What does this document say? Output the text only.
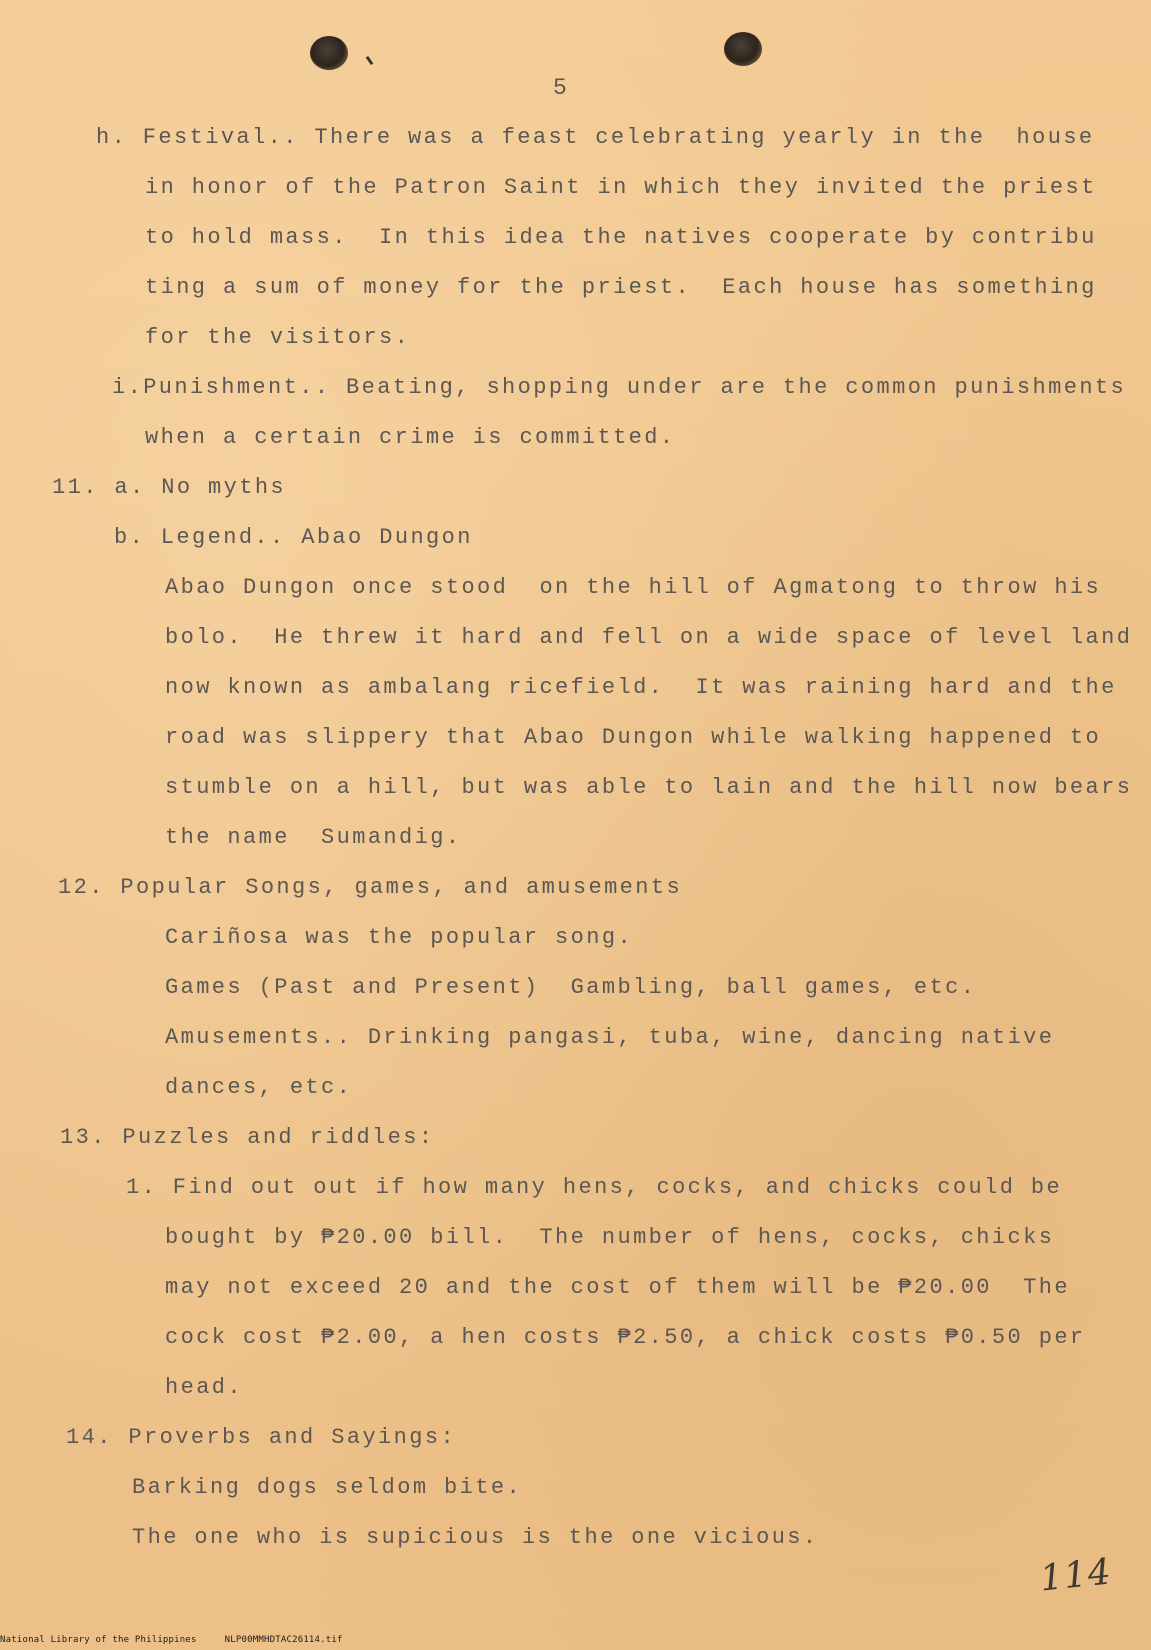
5
h. Festival.. There was a feast celebrating yearly in the  house
in honor of the Patron Saint in which they invited the priest
to hold mass.  In this idea the natives cooperate by contribu
ting a sum of money for the priest.  Each house has something
for the visitors.
i.Punishment.. Beating, shopping under are the common punishments
when a certain crime is committed.
11. a. No myths
b. Legend.. Abao Dungon
Abao Dungon once stood  on the hill of Agmatong to throw his
bolo.  He threw it hard and fell on a wide space of level land
now known as ambalang ricefield.  It was raining hard and the
road was slippery that Abao Dungon while walking happened to
stumble on a hill, but was able to lain and the hill now bears
the name  Sumandig.
12. Popular Songs, games, and amusements
Cariñosa was the popular song.
Games (Past and Present)  Gambling, ball games, etc.
Amusements.. Drinking pangasi, tuba, wine, dancing native
dances, etc.
13. Puzzles and riddles:
1. Find out out if how many hens, cocks, and chicks could be
bought by ₱20.00 bill.  The number of hens, cocks, chicks
may not exceed 20 and the cost of them will be ₱20.00  The
cock cost ₱2.00, a hen costs ₱2.50, a chick costs ₱0.50 per
head.
14. Proverbs and Sayings:
Barking dogs seldom bite.
The one who is supicious is the one vicious.
114
National Library of the Philippines	NLP00MMHDTAC26114.tif
